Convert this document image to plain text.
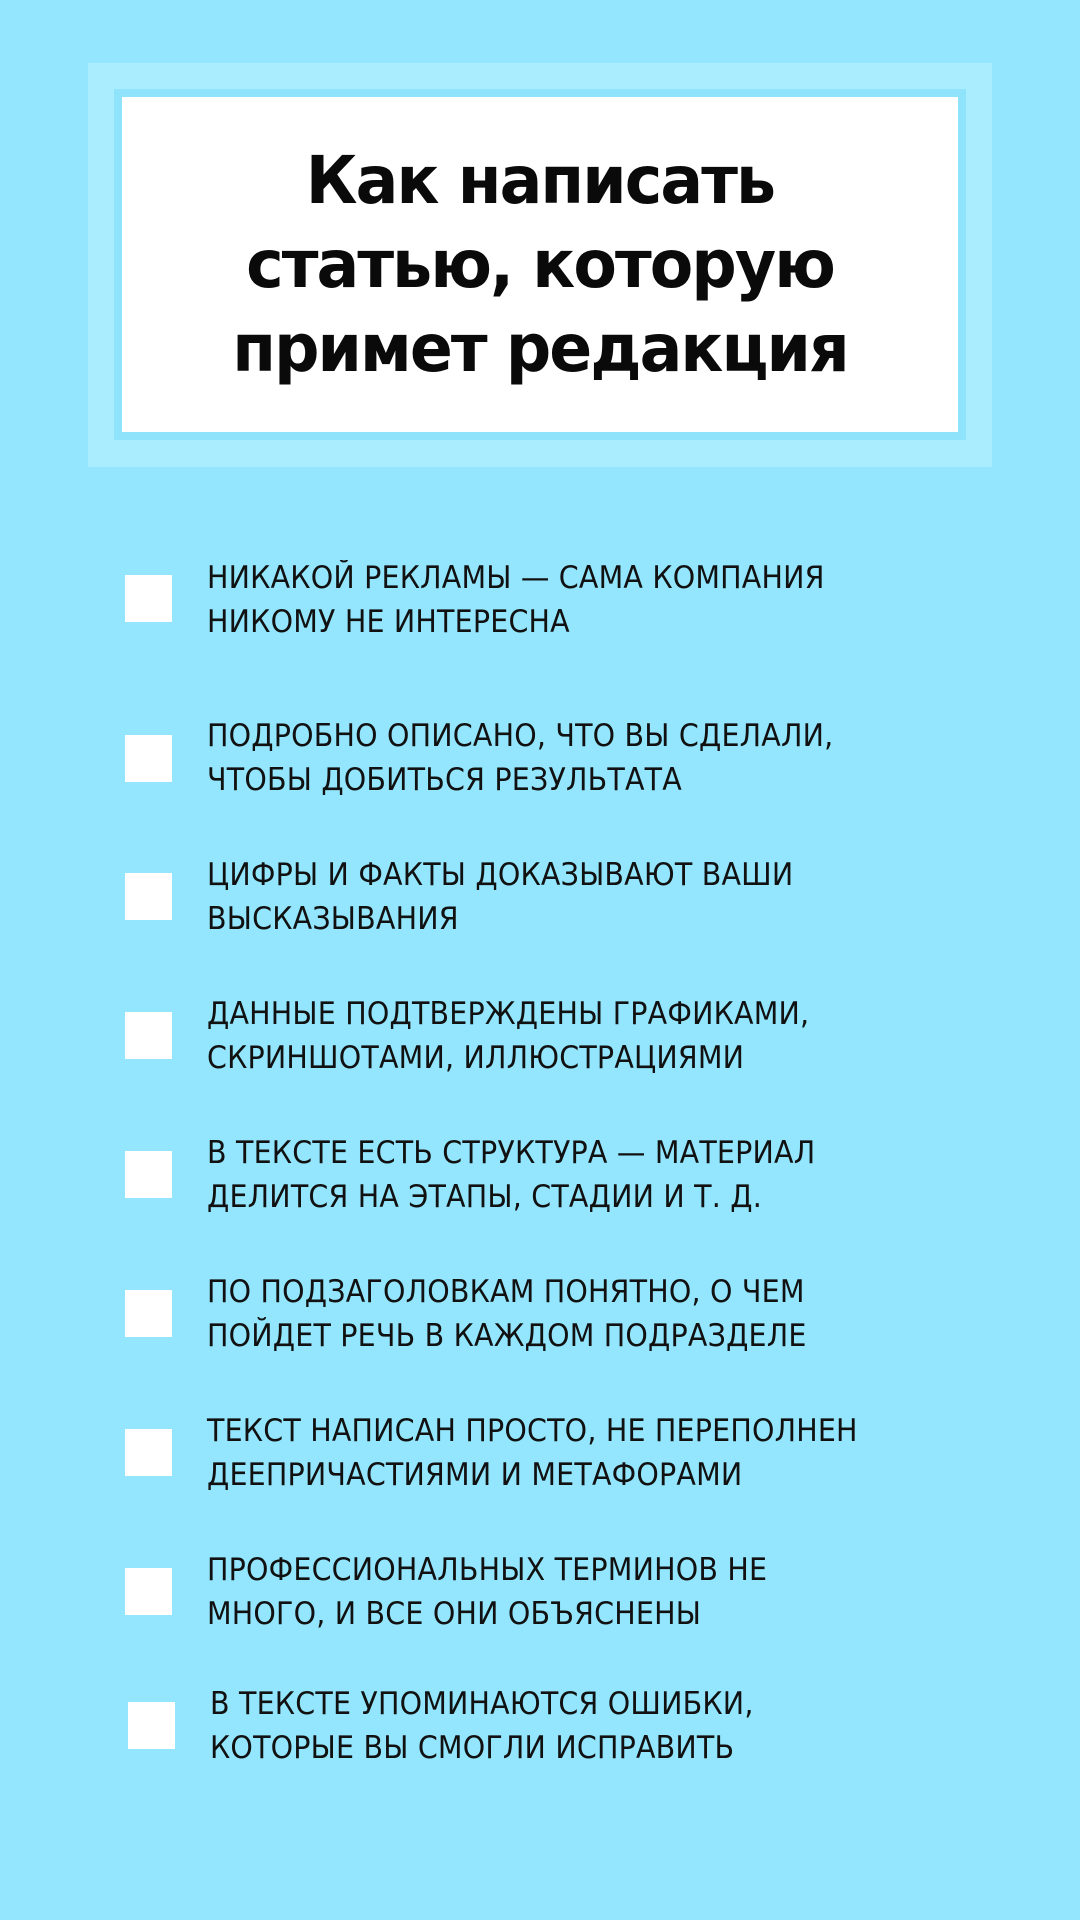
Как написать статью, которую примет редакция
НИКАКОЙ РЕКЛАМЫ — САМА КОМПАНИЯ
НИКОМУ НЕ ИНТЕРЕСНА
ПОДРОБНО ОПИСАНО, ЧТО ВЫ СДЕЛАЛИ,
ЧТОБЫ ДОБИТЬСЯ РЕЗУЛЬТАТА
ЦИФРЫ И ФАКТЫ ДОКАЗЫВАЮТ ВАШИ
ВЫСКАЗЫВАНИЯ
ДАННЫЕ ПОДТВЕРЖДЕНЫ ГРАФИКАМИ,
СКРИНШОТАМИ, ИЛЛЮСТРАЦИЯМИ
В ТЕКСТЕ ЕСТЬ СТРУКТУРА — МАТЕРИАЛ
ДЕЛИТСЯ НА ЭТАПЫ, СТАДИИ И Т. Д.
ПО ПОДЗАГОЛОВКАМ ПОНЯТНО, О ЧЕМ
ПОЙДЕТ РЕЧЬ В КАЖДОМ ПОДРАЗДЕЛЕ
ТЕКСТ НАПИСАН ПРОСТО, НЕ ПЕРЕПОЛНЕН
ДЕЕПРИЧАСТИЯМИ И МЕТАФОРАМИ
ПРОФЕССИОНАЛЬНЫХ ТЕРМИНОВ НЕ
МНОГО, И ВСЕ ОНИ ОБЪЯСНЕНЫ
В ТЕКСТЕ УПОМИНАЮТСЯ ОШИБКИ,
КОТОРЫЕ ВЫ СМОГЛИ ИСПРАВИТЬ
